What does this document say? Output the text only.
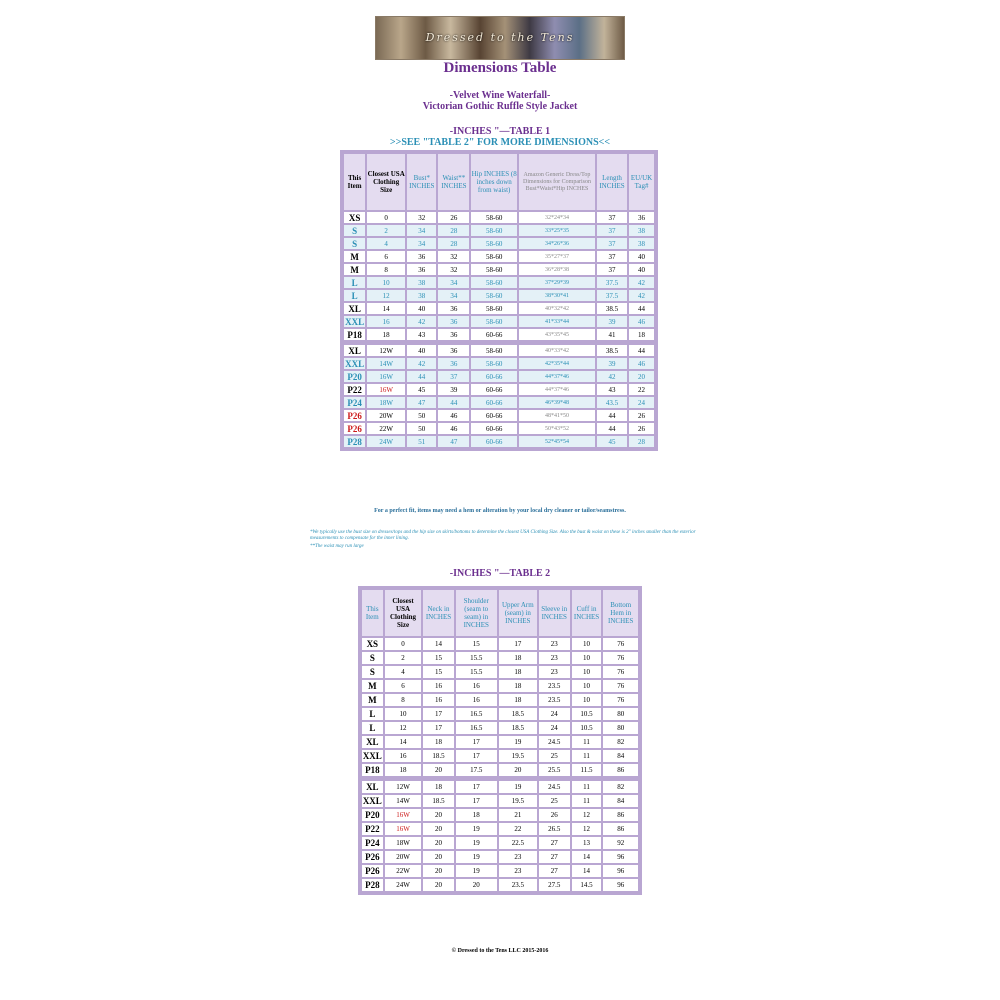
Dressed to the Tens
Dimensions Table
-Velvet Wine Waterfall-
Victorian Gothic Ruffle Style Jacket
-INCHES "—TABLE 1
>>SEE "TABLE 2" FOR MORE DIMENSIONS<<
This Item	Closest USA Clothing Size	Bust* INCHES	Waist** INCHES	Hip INCHES (8 inches down from waist)	Amazon Generic Dress/Top Dimensions for Comparison Bust*Waist*Hip INCHES	Length INCHES	EU/UK Tag#
XS	0	32	26	58-60	32*24*34	37	36
S	2	34	28	58-60	33*25*35	37	38
S	4	34	28	58-60	34*26*36	37	38
M	6	36	32	58-60	35*27*37	37	40
M	8	36	32	58-60	36*28*38	37	40
L	10	38	34	58-60	37*29*39	37.5	42
L	12	38	34	58-60	38*30*41	37.5	42
XL	14	40	36	58-60	40*32*42	38.5	44
XXL	16	42	36	58-60	41*33*44	39	46
P18	18	43	36	60-66	43*35*45	41	18
XL	12W	40	36	58-60	40*33*42	38.5	44
XXL	14W	42	36	58-60	42*35*44	39	46
P20	16W	44	37	60-66	44*37*46	42	20
P22	16W	45	39	60-66	44*37*46	43	22
P24	18W	47	44	60-66	46*39*48	43.5	24
P26	20W	50	46	60-66	48*41*50	44	26
P26	22W	50	46	60-66	50*43*52	44	26
P28	24W	51	47	60-66	52*45*54	45	28
For a perfect fit, items may need a hem or alteration by your local dry cleaner or tailor/seamstress.
*We typically use the bust size on dresses/tops and the hip size on skirts/bottoms to determine the closest USA Clothing Size. Also the bust & waist on these is 2" inches smaller than the exterior measurements to compensate for the inner lining.
**The waist may run large
-INCHES "—TABLE 2
This Item	Closest USA Clothing Size	Neck in INCHES	Shoulder (seam to seam) in INCHES	Upper Arm (seam) in INCHES	Sleeve in INCHES	Cuff in INCHES	Bottom Hem in INCHES
XS	0	14	15	17	23	10	76
S	2	15	15.5	18	23	10	76
S	4	15	15.5	18	23	10	76
M	6	16	16	18	23.5	10	76
M	8	16	16	18	23.5	10	76
L	10	17	16.5	18.5	24	10.5	80
L	12	17	16.5	18.5	24	10.5	80
XL	14	18	17	19	24.5	11	82
XXL	16	18.5	17	19.5	25	11	84
P18	18	20	17.5	20	25.5	11.5	86
XL	12W	18	17	19	24.5	11	82
XXL	14W	18.5	17	19.5	25	11	84
P20	16W	20	18	21	26	12	86
P22	16W	20	19	22	26.5	12	86
P24	18W	20	19	22.5	27	13	92
P26	20W	20	19	23	27	14	96
P26	22W	20	19	23	27	14	96
P28	24W	20	20	23.5	27.5	14.5	96
© Dressed to the Tens LLC 2015-2016
